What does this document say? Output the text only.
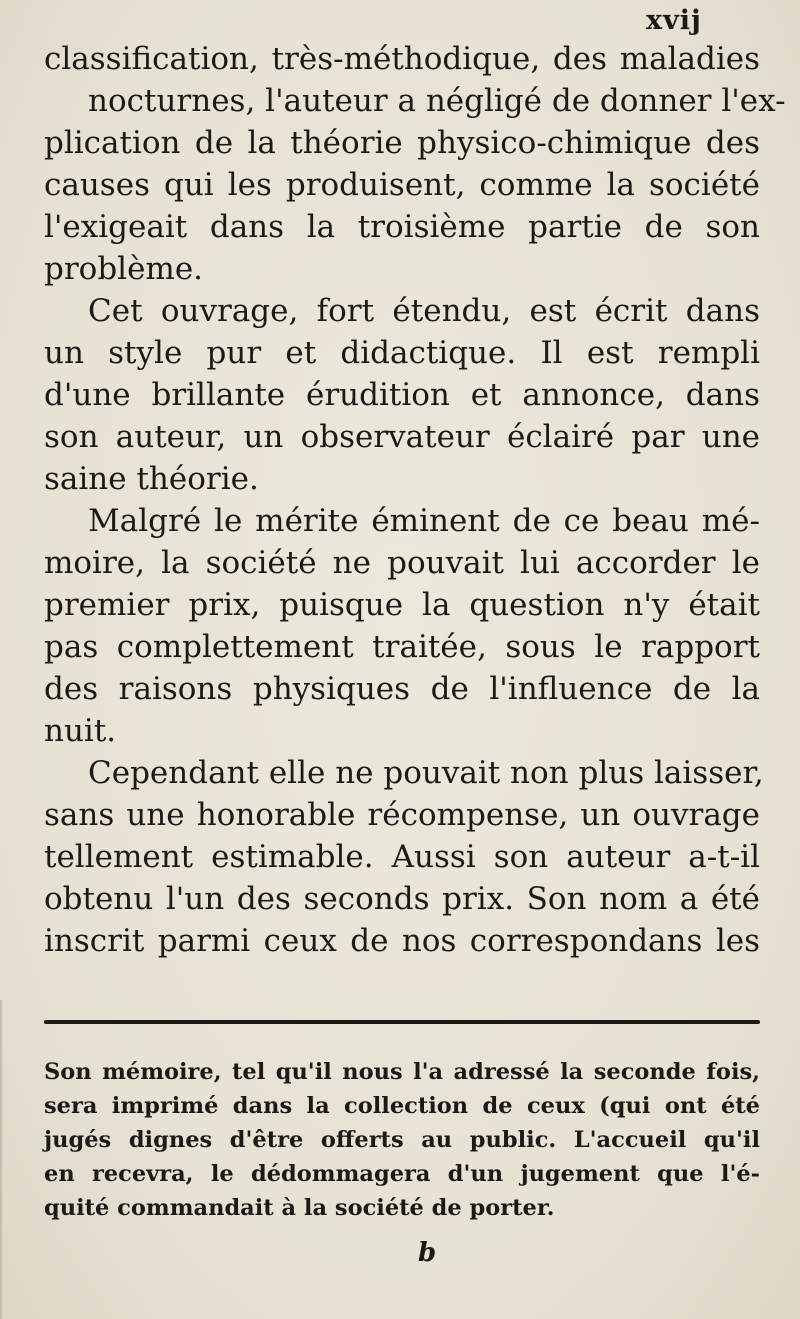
xvij
classification, très-méthodique, des maladies
nocturnes, l'auteur a négligé de donner l'ex-
plication de la théorie physico-chimique des
causes qui les produisent, comme la société
l'exigeait dans la troisième partie de son
problème.
Cet ouvrage, fort étendu, est écrit dans
un style pur et didactique. Il est rempli
d'une brillante érudition et annonce, dans
son auteur, un observateur éclairé par une
saine théorie.
Malgré le mérite éminent de ce beau mé-
moire, la société ne pouvait lui accorder le
premier prix, puisque la question n'y était
pas complettement traitée, sous le rapport
des raisons physiques de l'influence de la
nuit.
Cependant elle ne pouvait non plus laisser,
sans une honorable récompense, un ouvrage
tellement estimable. Aussi son auteur a-t-il
obtenu l'un des seconds prix. Son nom a été
inscrit parmi ceux de nos correspondans les
Son mémoire, tel qu'il nous l'a adressé la seconde fois,
sera imprimé dans la collection de ceux (qui ont été
jugés dignes d'être offerts au public. L'accueil qu'il
en recevra, le dédommagera d'un jugement que l'é-
quité commandait à la société de porter.
b
